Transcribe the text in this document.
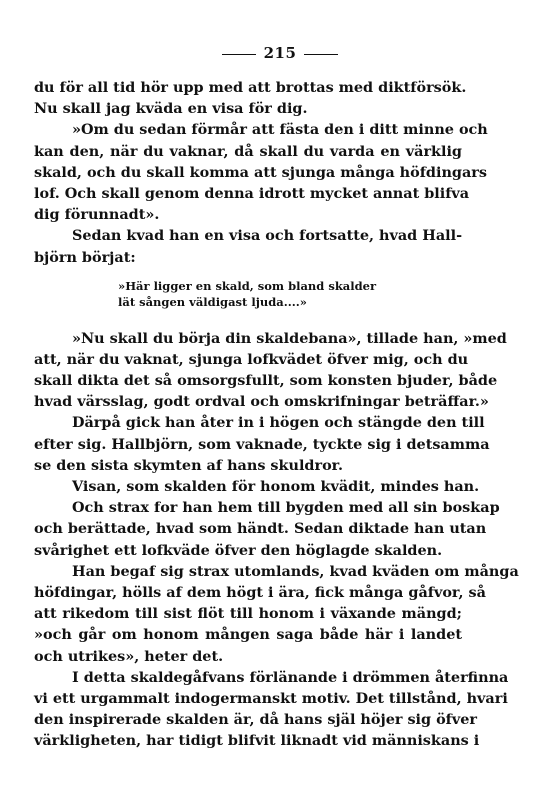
215
du för all tid hör upp med att brottas med diktförsök.
Nu skall jag kväda en visa för dig.
»Om du sedan förmår att fästa den i ditt minne och
kan den, när du vaknar, då skall du varda en värklig
skald, och du skall komma att sjunga många höfdingars
lof. Och skall genom denna idrott mycket annat blifva
dig förunnadt».
Sedan kvad han en visa och fortsatte, hvad Hall-
björn börjat:
»Här ligger en skald, som bland skalder
lät sången väldigast ljuda....»
»Nu skall du börja din skaldebana», tillade han, »med
att, när du vaknat, sjunga lofkvädet öfver mig, och du
skall dikta det så omsorgsfullt, som konsten bjuder, både
hvad värsslag, godt ordval och omskrifningar beträffar.»
Därpå gick han åter in i högen och stängde den till
efter sig. Hallbjörn, som vaknade, tyckte sig i detsamma
se den sista skymten af hans skuldror.
Visan, som skalden för honom kvädit, mindes han.
Och strax for han hem till bygden med all sin boskap
och berättade, hvad som händt. Sedan diktade han utan
svårighet ett lofkväde öfver den höglagde skalden.
Han begaf sig strax utomlands, kvad kväden om många
höfdingar, hölls af dem högt i ära, fick många gåfvor, så
att rikedom till sist flöt till honom i växande mängd;
»och går om honom mången saga både här i landet
och utrikes», heter det.
I detta skaldegåfvans förlänande i drömmen återfinna
vi ett urgammalt indogermanskt motiv. Det tillstånd, hvari
den inspirerade skalden är, då hans själ höjer sig öfver
värkligheten, har tidigt blifvit liknadt vid människans i
